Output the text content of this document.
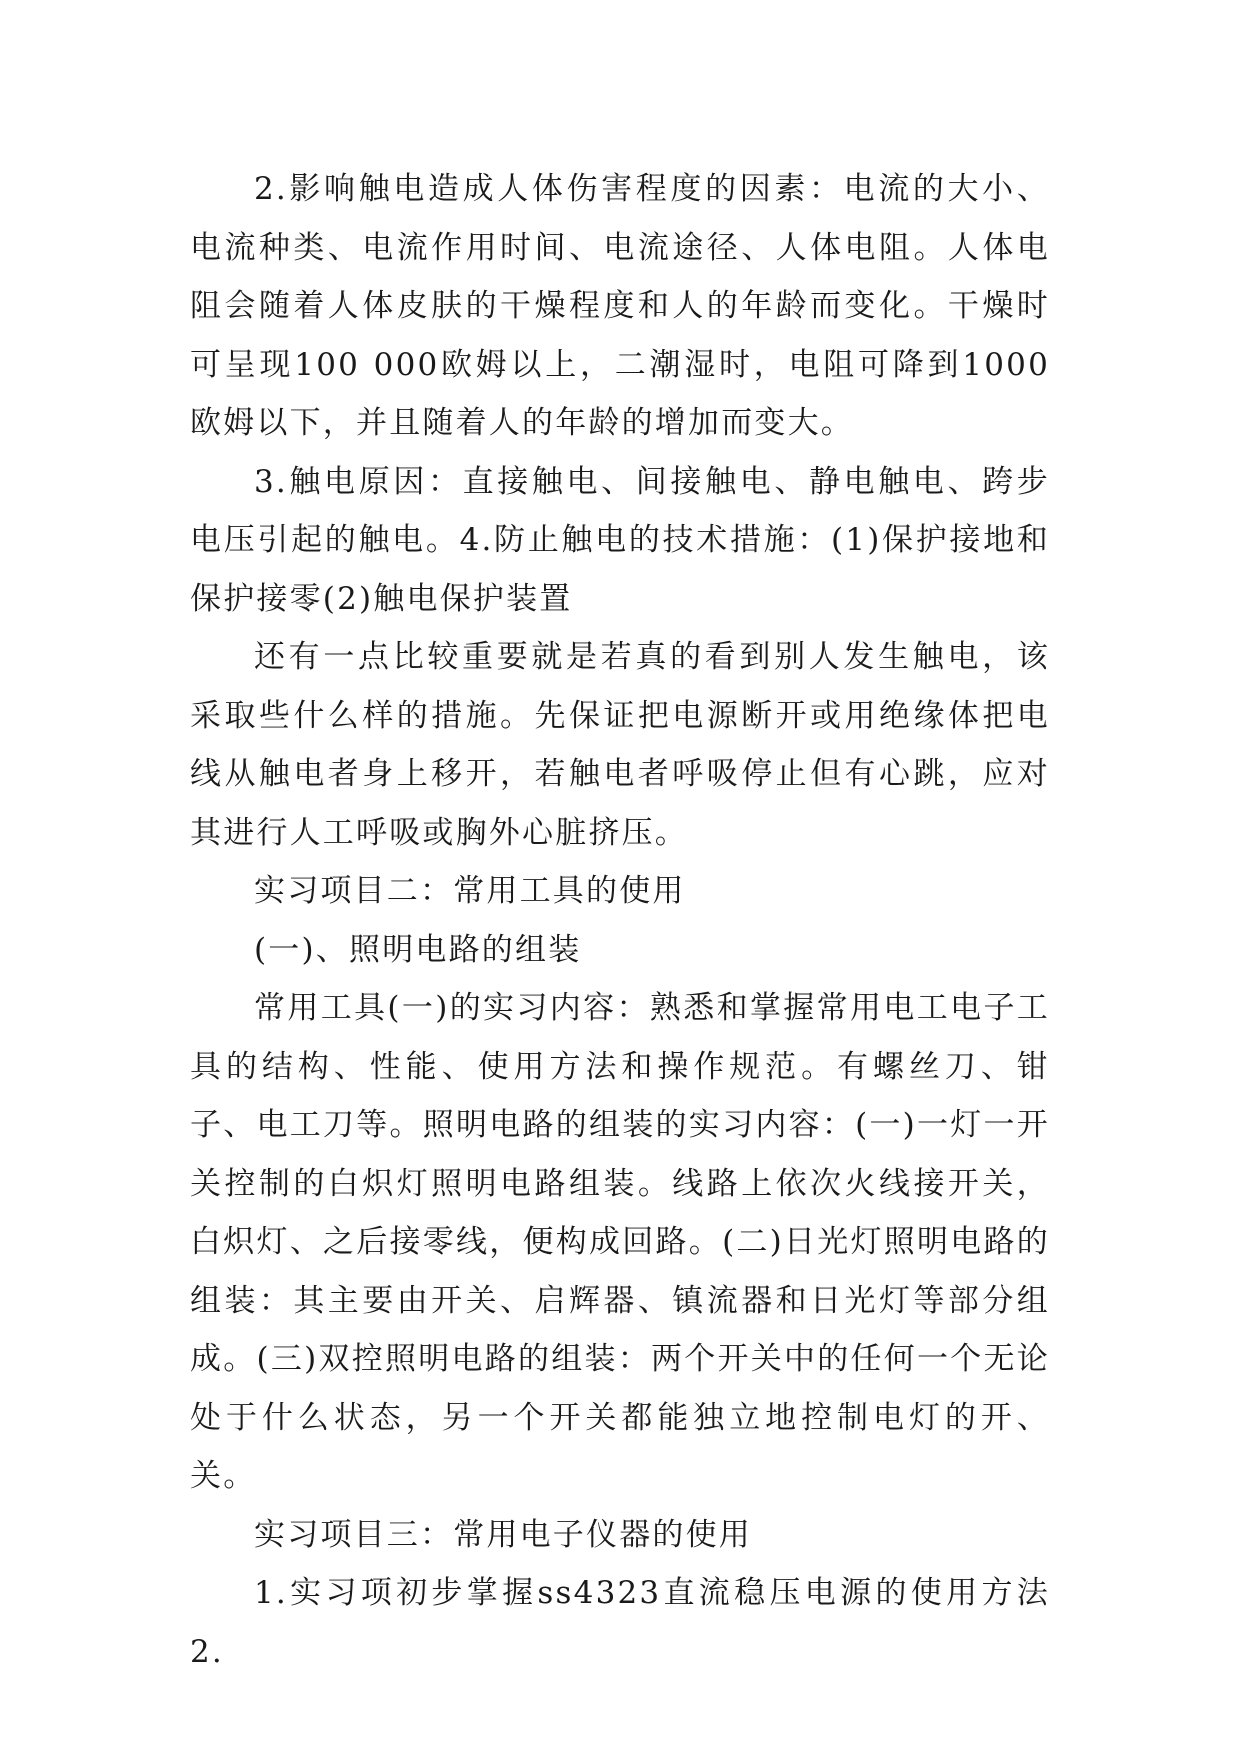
2.影响触电造成人体伤害程度的因素：电流的大小、电流种类、电流作用时间、电流途径、人体电阻。人体电阻会随着人体皮肤的干燥程度和人的年龄而变化。干燥时可呈现100 000欧姆以上，二潮湿时，电阻可降到1000欧姆以下，并且随着人的年龄的增加而变大。

3.触电原因：直接触电、间接触电、静电触电、跨步电压引起的触电。4.防止触电的技术措施：(1)保护接地和保护接零(2)触电保护装置

还有一点比较重要就是若真的看到别人发生触电，该采取些什么样的措施。先保证把电源断开或用绝缘体把电线从触电者身上移开，若触电者呼吸停止但有心跳，应对其进行人工呼吸或胸外心脏挤压。

实习项目二：常用工具的使用

(一)、照明电路的组装

常用工具(一)的实习内容：熟悉和掌握常用电工电子工具的结构、性能、使用方法和操作规范。有螺丝刀、钳子、电工刀等。照明电路的组装的实习内容：(一)一灯一开关控制的白炽灯照明电路组装。线路上依次火线接开关，白炽灯、之后接零线，便构成回路。(二)日光灯照明电路的组装：其主要由开关、启辉器、镇流器和日光灯等部分组成。(三)双控照明电路的组装：两个开关中的任何一个无论处于什么状态，另一个开关都能独立地控制电灯的开、关。

实习项目三：常用电子仪器的使用

1.实习项初步掌握ss4323直流稳压电源的使用方法 2.
